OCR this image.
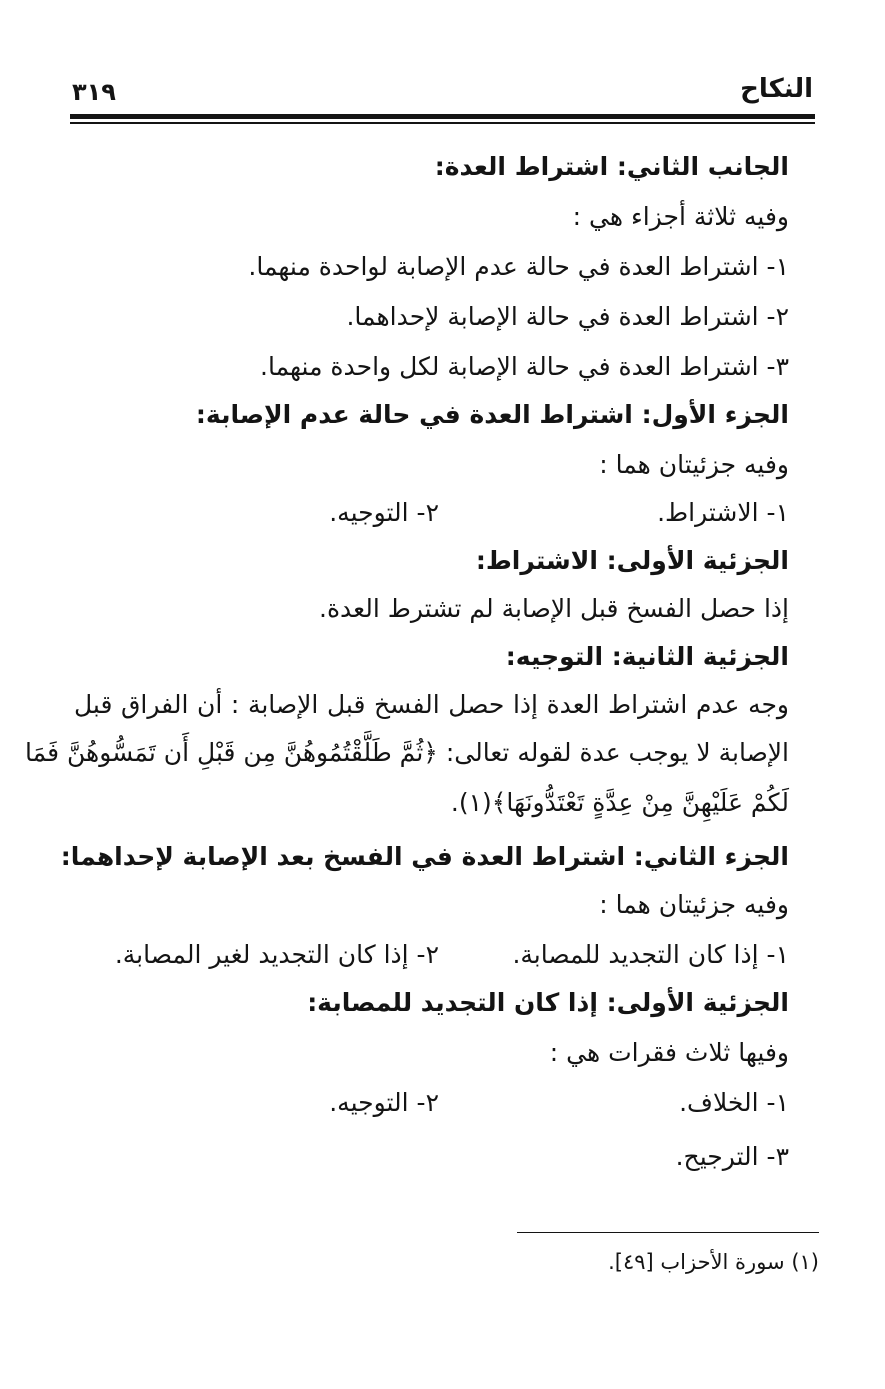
النكاح
٣١٩
الجانب الثاني: اشتراط العدة:
وفيه ثلاثة أجزاء هي :
١- اشتراط العدة في حالة عدم الإصابة لواحدة منهما.
٢- اشتراط العدة في حالة الإصابة لإحداهما.
٣- اشتراط العدة في حالة الإصابة لكل واحدة منهما.
الجزء الأول: اشتراط العدة في حالة عدم الإصابة:
وفيه جزئيتان هما :
١- الاشتراط.
٢- التوجيه.
الجزئية الأولى: الاشتراط:
إذا حصل الفسخ قبل الإصابة لم تشترط العدة.
الجزئية الثانية: التوجيه:
وجه عدم اشتراط العدة إذا حصل الفسخ قبل الإصابة : أن الفراق قبل
الإصابة لا يوجب عدة لقوله تعالى: ﴿ثُمَّ طَلَّقْتُمُوهُنَّ مِن قَبْلِ أَن تَمَسُّوهُنَّ فَمَا
لَكُمْ عَلَيْهِنَّ مِنْ عِدَّةٍ تَعْتَدُّونَهَا﴾(١).
الجزء الثاني: اشتراط العدة في الفسخ بعد الإصابة لإحداهما:
وفيه جزئيتان هما :
١- إذا كان التجديد للمصابة.
٢- إذا كان التجديد لغير المصابة.
الجزئية الأولى: إذا كان التجديد للمصابة:
وفيها ثلاث فقرات هي :
١- الخلاف.
٢- التوجيه.
٣- الترجيح.
(١) سورة الأحزاب [٤٩].
